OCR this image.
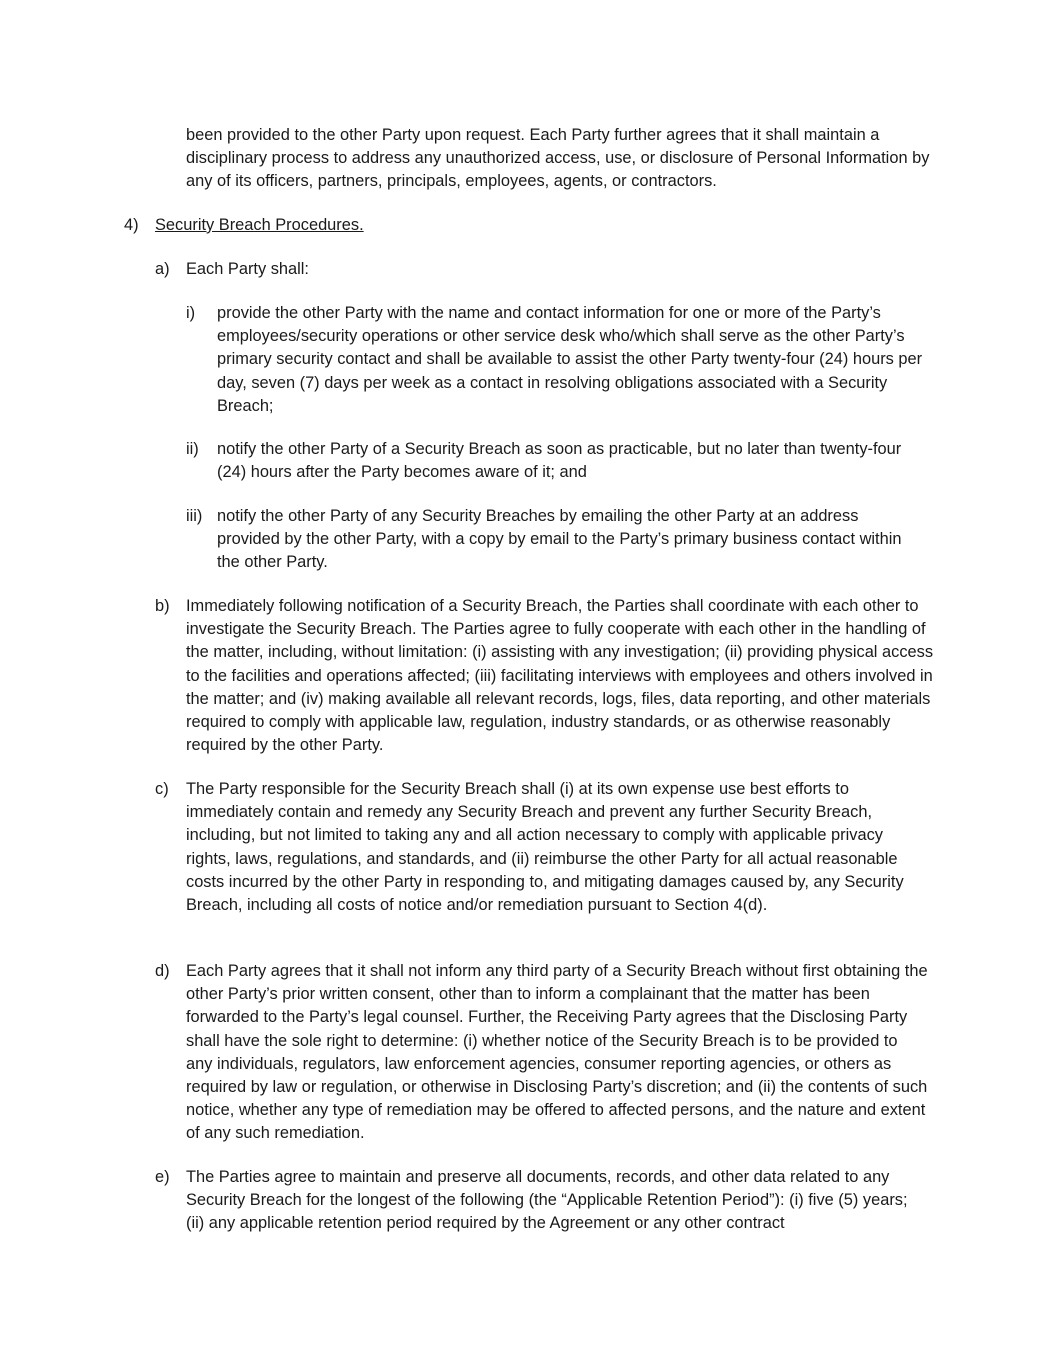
been provided to the other Party upon request. Each Party further agrees that it shall maintain a disciplinary process to address any unauthorized access, use, or disclosure of Personal Information by any of its officers, partners, principals, employees, agents, or contractors.

4) Security Breach Procedures.
a) Each Party shall:
i) provide the other Party with the name and contact information for one or more of the Party’s employees/security operations or other service desk who/which shall serve as the other Party’s primary security contact and shall be available to assist the other Party twenty-four (24) hours per day, seven (7) days per week as a contact in resolving obligations associated with a Security Breach;

ii) notify the other Party of a Security Breach as soon as practicable, but no later than twenty-four (24) hours after the Party becomes aware of it; and

iii) notify the other Party of any Security Breaches by emailing the other Party at an address provided by the other Party, with a copy by email to the Party’s primary business contact within the other Party.

b) Immediately following notification of a Security Breach, the Parties shall coordinate with each other to investigate the Security Breach. The Parties agree to fully cooperate with each other in the handling of the matter, including, without limitation: (i) assisting with any investigation; (ii) providing physical access to the facilities and operations affected; (iii) facilitating interviews with employees and others involved in the matter; and (iv) making available all relevant records, logs, files, data reporting, and other materials required to comply with applicable law, regulation, industry standards, or as otherwise reasonably required by the other Party.

c) The Party responsible for the Security Breach shall (i) at its own expense use best efforts to immediately contain and remedy any Security Breach and prevent any further Security Breach, including, but not limited to taking any and all action necessary to comply with applicable privacy rights, laws, regulations, and standards, and (ii) reimburse the other Party for all actual reasonable costs incurred by the other Party in responding to, and mitigating damages caused by, any Security Breach, including all costs of notice and/or remediation pursuant to Section 4(d).

d) Each Party agrees that it shall not inform any third party of a Security Breach without first obtaining the other Party’s prior written consent, other than to inform a complainant that the matter has been forwarded to the Party’s legal counsel. Further, the Receiving Party agrees that the Disclosing Party shall have the sole right to determine: (i) whether notice of the Security Breach is to be provided to any individuals, regulators, law enforcement agencies, consumer reporting agencies, or others as required by law or regulation, or otherwise in Disclosing Party’s discretion; and (ii) the contents of such notice, whether any type of remediation may be offered to affected persons, and the nature and extent of any such remediation.

e) The Parties agree to maintain and preserve all documents, records, and other data related to any Security Breach for the longest of the following (the “Applicable Retention Period”): (i) five (5) years; (ii) any applicable retention period required by the Agreement or any other contract
